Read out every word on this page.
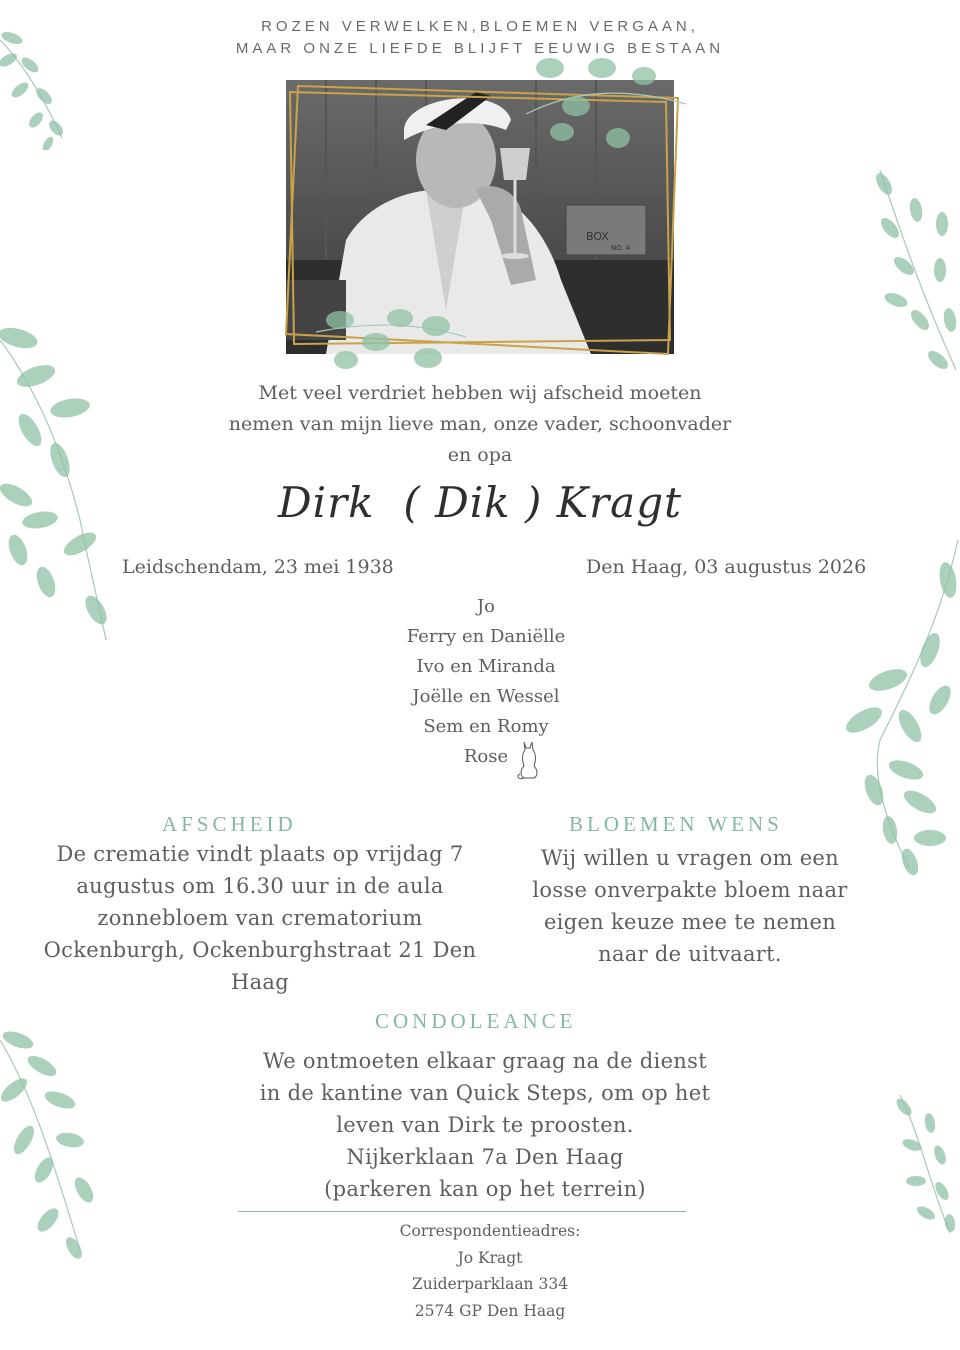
ROZEN VERWELKEN,BLOEMEN VERGAAN,
MAAR ONZE LIEFDE BLIJFT EEUWIG BESTAAN
BOX
NO. 4
Met veel verdriet hebben wij afscheid moeten
nemen van mijn lieve man, onze vader, schoonvader
en opa
Dirk  ( Dik ) Kragt
Leidschendam, 23 mei 1938	Den Haag, 03 augustus 2026
Jo
Ferry en Daniëlle
Ivo en Miranda
Joëlle en Wessel
Sem en Romy
Rose
AFSCHEID
De crematie vindt plaats op vrijdag 7
augustus om 16.30 uur in de aula
zonnebloem van crematorium
Ockenburgh, Ockenburghstraat 21 Den
Haag
BLOEMEN WENS
Wij willen u vragen om een
losse onverpakte bloem naar
eigen keuze mee te nemen
naar de uitvaart.
CONDOLEANCE
We ontmoeten elkaar graag na de dienst
in de kantine van Quick Steps, om op het
leven van Dirk te proosten.
Nijkerklaan 7a Den Haag
(parkeren kan op het terrein)
Correspondentieadres:
Jo Kragt
Zuiderparklaan 334
2574 GP Den Haag
